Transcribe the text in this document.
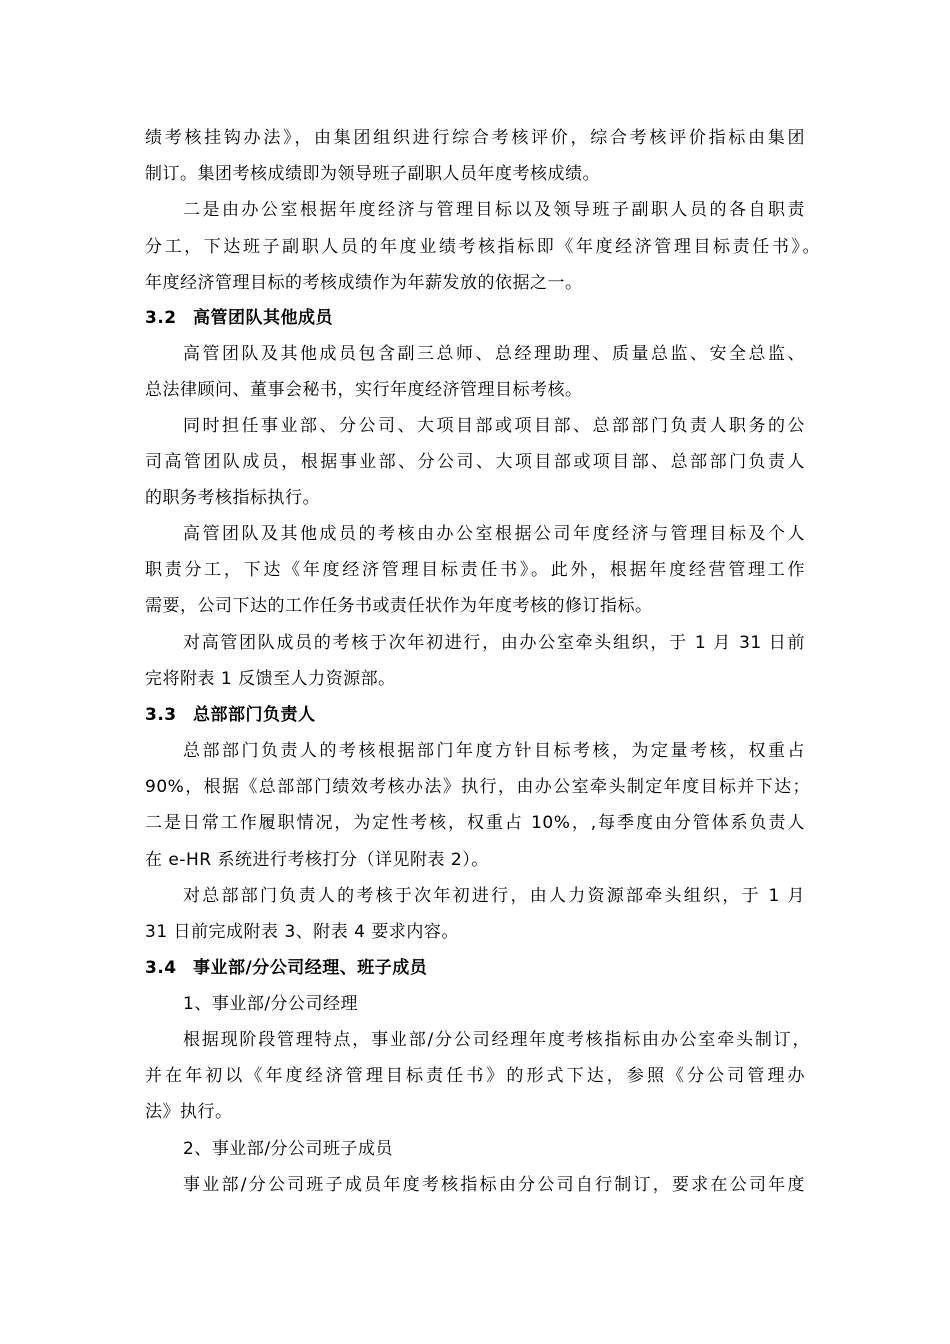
绩考核挂钩办法》，由集团组织进行综合考核评价，综合考核评价指标由集团
制订。集团考核成绩即为领导班子副职人员年度考核成绩。
二是由办公室根据年度经济与管理目标以及领导班子副职人员的各自职责
分工，下达班子副职人员的年度业绩考核指标即《年度经济管理目标责任书》。
年度经济管理目标的考核成绩作为年薪发放的依据之一。
3.2 高管团队其他成员
高管团队及其他成员包含副三总师、总经理助理、质量总监、安全总监、
总法律顾问、董事会秘书，实行年度经济管理目标考核。
同时担任事业部、分公司、大项目部或项目部、总部部门负责人职务的公
司高管团队成员，根据事业部、分公司、大项目部或项目部、总部部门负责人
的职务考核指标执行。
高管团队及其他成员的考核由办公室根据公司年度经济与管理目标及个人
职责分工，下达《年度经济管理目标责任书》。此外，根据年度经营管理工作
需要，公司下达的工作任务书或责任状作为年度考核的修订指标。
对高管团队成员的考核于次年初进行，由办公室牵头组织，于 1 月 31 日前
完将附表 1 反馈至人力资源部。
3.3 总部部门负责人
总部部门负责人的考核根据部门年度方针目标考核，为定量考核，权重占
90%，根据《总部部门绩效考核办法》执行，由办公室牵头制定年度目标并下达；
二是日常工作履职情况，为定性考核，权重占 10%，,每季度由分管体系负责人
在 e-HR 系统进行考核打分（详见附表 2）。
对总部部门负责人的考核于次年初进行，由人力资源部牵头组织，于 1 月
31 日前完成附表 3、附表 4 要求内容。
3.4 事业部/分公司经理、班子成员
1、事业部/分公司经理
根据现阶段管理特点，事业部/分公司经理年度考核指标由办公室牵头制订，
并在年初以《年度经济管理目标责任书》的形式下达，参照《分公司管理办
法》执行。
2、事业部/分公司班子成员
事业部/分公司班子成员年度考核指标由分公司自行制订，要求在公司年度
